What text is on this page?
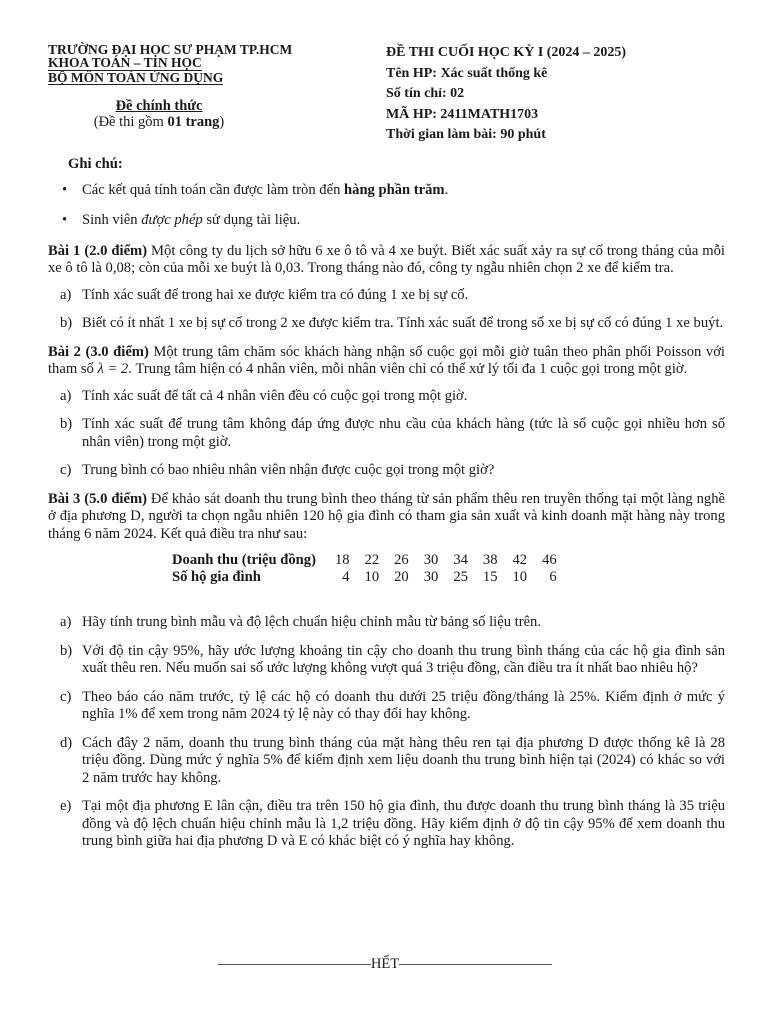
TRƯỜNG ĐẠI HỌC SƯ PHẠM TP.HCM
KHOA TOÁN – TIN HỌC
BỘ MÔN TOÁN ỨNG DỤNG
Đề chính thức
(Đề thi gồm 01 trang)
ĐỀ THI CUỐI HỌC KỲ I (2024 – 2025)
Tên HP: Xác suất thống kê
Số tín chỉ: 02
MÃ HP: 2411MATH1703
Thời gian làm bài: 90 phút
Ghi chú:
• Các kết quả tính toán cần được làm tròn đến hàng phần trăm.
• Sinh viên được phép sử dụng tài liệu.
Bài 1 (2.0 điểm) Một công ty du lịch sở hữu 6 xe ô tô và 4 xe buýt. Biết xác suất xảy ra sự cố trong tháng của mỗi xe ô tô là 0,08; còn của mỗi xe buýt là 0,03. Trong tháng nào đó, công ty ngẫu nhiên chọn 2 xe để kiểm tra.
a) Tính xác suất để trong hai xe được kiểm tra có đúng 1 xe bị sự cố.
b) Biết có ít nhất 1 xe bị sự cố trong 2 xe được kiểm tra. Tính xác suất để trong số xe bị sự cố có đúng 1 xe buýt.
Bài 2 (3.0 điểm) Một trung tâm chăm sóc khách hàng nhận số cuộc gọi mỗi giờ tuân theo phân phối Poisson với tham số λ = 2. Trung tâm hiện có 4 nhân viên, mỗi nhân viên chỉ có thể xử lý tối đa 1 cuộc gọi trong một giờ.
a) Tính xác suất để tất cả 4 nhân viên đều có cuộc gọi trong một giờ.
b) Tính xác suất để trung tâm không đáp ứng được nhu cầu của khách hàng (tức là số cuộc gọi nhiều hơn số nhân viên) trong một giờ.
c) Trung bình có bao nhiêu nhân viên nhận được cuộc gọi trong một giờ?
Bài 3 (5.0 điểm) Để khảo sát doanh thu trung bình theo tháng từ sản phẩm thêu ren truyền thống tại một làng nghề ở địa phương D, người ta chọn ngẫu nhiên 120 hộ gia đình có tham gia sản xuất và kinh doanh mặt hàng này trong tháng 6 năm 2024. Kết quả điều tra như sau:
Doanh thu (triệu đồng)	18	22	26	30	34	38	42	46
Số hộ gia đình	4	10	20	30	25	15	10	6
a) Hãy tính trung bình mẫu và độ lệch chuẩn hiệu chỉnh mẫu từ bảng số liệu trên.
b) Với độ tin cậy 95%, hãy ước lượng khoảng tin cậy cho doanh thu trung bình tháng của các hộ gia đình sản xuất thêu ren. Nếu muốn sai số ước lượng không vượt quá 3 triệu đồng, cần điều tra ít nhất bao nhiêu hộ?
c) Theo báo cáo năm trước, tỷ lệ các hộ có doanh thu dưới 25 triệu đồng/tháng là 25%. Kiểm định ở mức ý nghĩa 1% để xem trong năm 2024 tỷ lệ này có thay đổi hay không.
d) Cách đây 2 năm, doanh thu trung bình tháng của mặt hàng thêu ren tại địa phương D được thống kê là 28 triệu đồng. Dùng mức ý nghĩa 5% để kiểm định xem liệu doanh thu trung bình hiện tại (2024) có khác so với 2 năm trước hay không.
e) Tại một địa phương E lân cận, điều tra trên 150 hộ gia đình, thu được doanh thu trung bình tháng là 35 triệu đồng và độ lệch chuẩn hiệu chỉnh mẫu là 1,2 triệu đồng. Hãy kiểm định ở độ tin cậy 95% để xem doanh thu trung bình giữa hai địa phương D và E có khác biệt có ý nghĩa hay không.
HẾT
